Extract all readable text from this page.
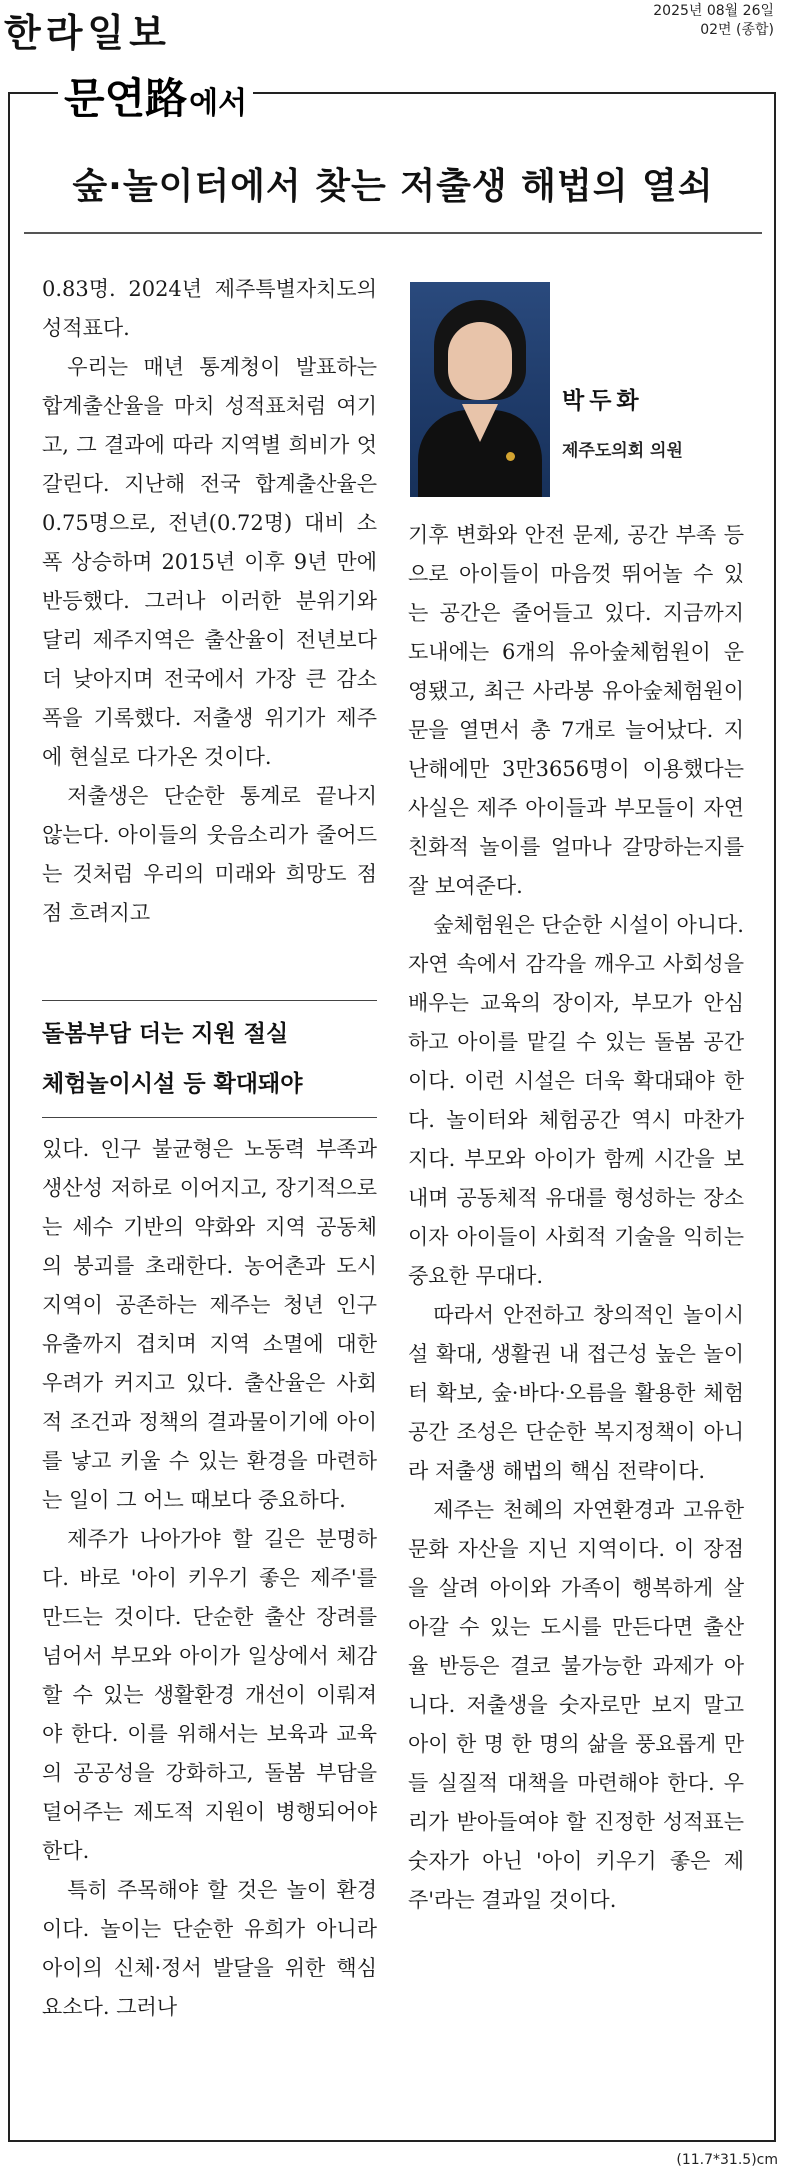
한라일보	2025년 08월 26일
02면 (종합)
문연路에서
숲·놀이터에서 찾는 저출생 해법의 열쇠

0.83명. 2024년 제주특별자치도의 성적표다.

우리는 매년 통계청이 발표하는 합계출산율을 마치 성적표처럼 여기고, 그 결과에 따라 지역별 희비가 엇갈린다. 지난해 전국 합계출산율은 0.75명으로, 전년(0.72명) 대비 소폭 상승하며 2015년 이후 9년 만에 반등했다. 그러나 이러한 분위기와 달리 제주지역은 출산율이 전년보다 더 낮아지며 전국에서 가장 큰 감소 폭을 기록했다. 저출생 위기가 제주에 현실로 다가온 것이다.

저출생은 단순한 통계로 끝나지 않는다. 아이들의 웃음소리가 줄어드는 것처럼 우리의 미래와 희망도 점점 흐려지고

돌봄부담 더는 지원 절실
체험놀이시설 등 확대돼야

있다. 인구 불균형은 노동력 부족과 생산성 저하로 이어지고, 장기적으로는 세수 기반의 약화와 지역 공동체의 붕괴를 초래한다. 농어촌과 도시 지역이 공존하는 제주는 청년 인구 유출까지 겹치며 지역 소멸에 대한 우려가 커지고 있다. 출산율은 사회적 조건과 정책의 결과물이기에 아이를 낳고 키울 수 있는 환경을 마련하는 일이 그 어느 때보다 중요하다.

제주가 나아가야 할 길은 분명하다. 바로 '아이 키우기 좋은 제주'를 만드는 것이다. 단순한 출산 장려를 넘어서 부모와 아이가 일상에서 체감할 수 있는 생활환경 개선이 이뤄져야 한다. 이를 위해서는 보육과 교육의 공공성을 강화하고, 돌봄 부담을 덜어주는 제도적 지원이 병행되어야 한다.

특히 주목해야 할 것은 놀이 환경이다. 놀이는 단순한 유희가 아니라 아이의 신체·정서 발달을 위한 핵심 요소다. 그러나

박두화
제주도의회 의원

기후 변화와 안전 문제, 공간 부족 등으로 아이들이 마음껏 뛰어놀 수 있는 공간은 줄어들고 있다. 지금까지 도내에는 6개의 유아숲체험원이 운영됐고, 최근 사라봉 유아숲체험원이 문을 열면서 총 7개로 늘어났다. 지난해에만 3만3656명이 이용했다는 사실은 제주 아이들과 부모들이 자연친화적 놀이를 얼마나 갈망하는지를 잘 보여준다.

숲체험원은 단순한 시설이 아니다. 자연 속에서 감각을 깨우고 사회성을 배우는 교육의 장이자, 부모가 안심하고 아이를 맡길 수 있는 돌봄 공간이다. 이런 시설은 더욱 확대돼야 한다. 놀이터와 체험공간 역시 마찬가지다. 부모와 아이가 함께 시간을 보내며 공동체적 유대를 형성하는 장소이자 아이들이 사회적 기술을 익히는 중요한 무대다.

따라서 안전하고 창의적인 놀이시설 확대, 생활권 내 접근성 높은 놀이터 확보, 숲·바다·오름을 활용한 체험공간 조성은 단순한 복지정책이 아니라 저출생 해법의 핵심 전략이다.

제주는 천혜의 자연환경과 고유한 문화 자산을 지닌 지역이다. 이 장점을 살려 아이와 가족이 행복하게 살아갈 수 있는 도시를 만든다면 출산율 반등은 결코 불가능한 과제가 아니다. 저출생을 숫자로만 보지 말고 아이 한 명 한 명의 삶을 풍요롭게 만들 실질적 대책을 마련해야 한다. 우리가 받아들여야 할 진정한 성적표는 숫자가 아닌 '아이 키우기 좋은 제주'라는 결과일 것이다.

(11.7*31.5)cm
